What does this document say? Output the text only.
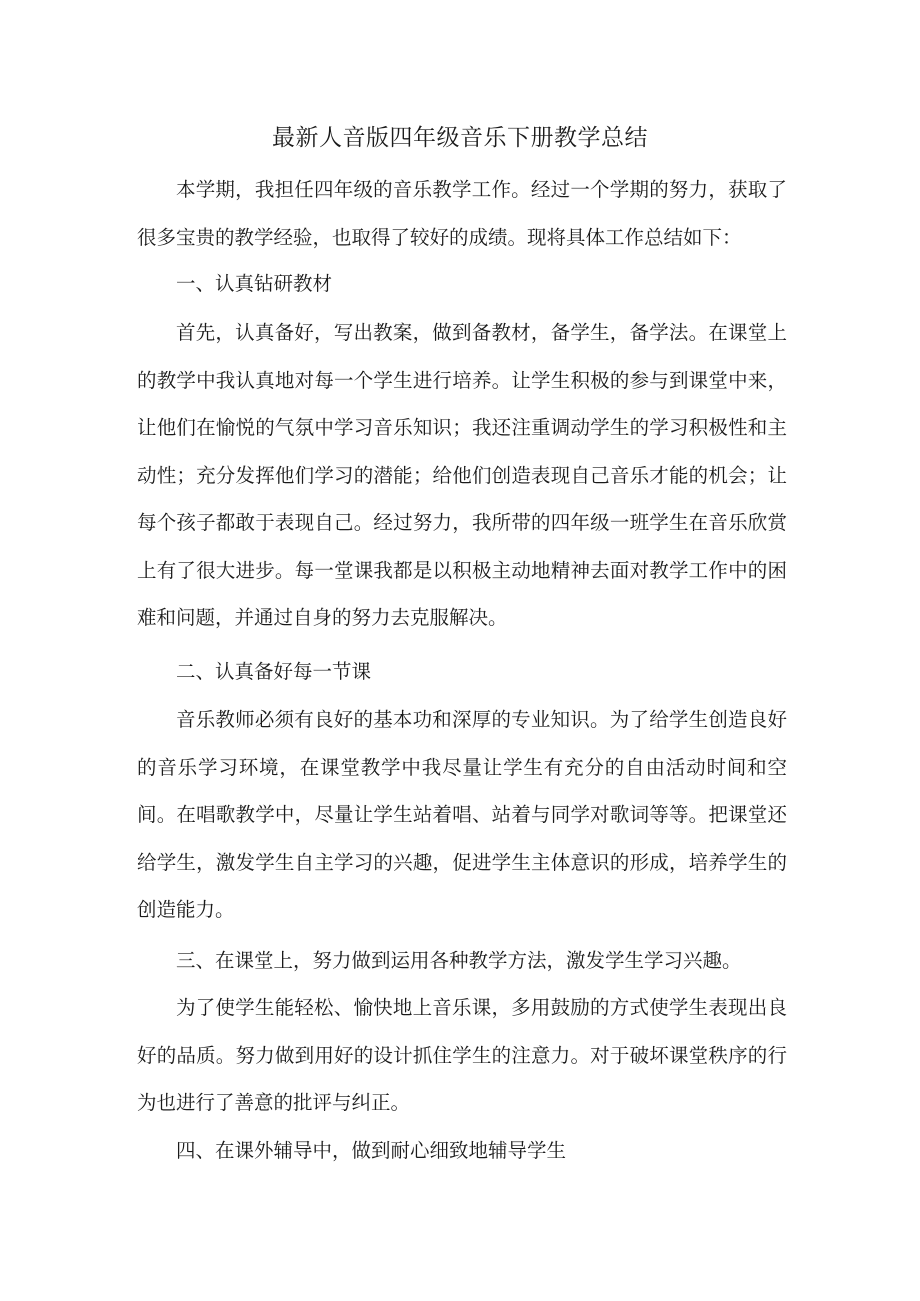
最新人音版四年级音乐下册教学总结

本学期，我担任四年级的音乐教学工作。经过一个学期的努力，获取了很多宝贵的教学经验，也取得了较好的成绩。现将具体工作总结如下：

一、认真钻研教材

首先，认真备好，写出教案，做到备教材，备学生，备学法。在课堂上的教学中我认真地对每一个学生进行培养。让学生积极的参与到课堂中来，让他们在愉悦的气氛中学习音乐知识；我还注重调动学生的学习积极性和主动性；充分发挥他们学习的潜能；给他们创造表现自己音乐才能的机会；让每个孩子都敢于表现自己。经过努力，我所带的四年级一班学生在音乐欣赏上有了很大进步。每一堂课我都是以积极主动地精神去面对教学工作中的困难和问题，并通过自身的努力去克服解决。

二、认真备好每一节课

音乐教师必须有良好的基本功和深厚的专业知识。为了给学生创造良好的音乐学习环境，在课堂教学中我尽量让学生有充分的自由活动时间和空间。在唱歌教学中，尽量让学生站着唱、站着与同学对歌词等等。把课堂还给学生，激发学生自主学习的兴趣，促进学生主体意识的形成，培养学生的创造能力。

三、在课堂上，努力做到运用各种教学方法，激发学生学习兴趣。

为了使学生能轻松、愉快地上音乐课，多用鼓励的方式使学生表现出良好的品质。努力做到用好的设计抓住学生的注意力。对于破坏课堂秩序的行为也进行了善意的批评与纠正。

四、在课外辅导中，做到耐心细致地辅导学生
